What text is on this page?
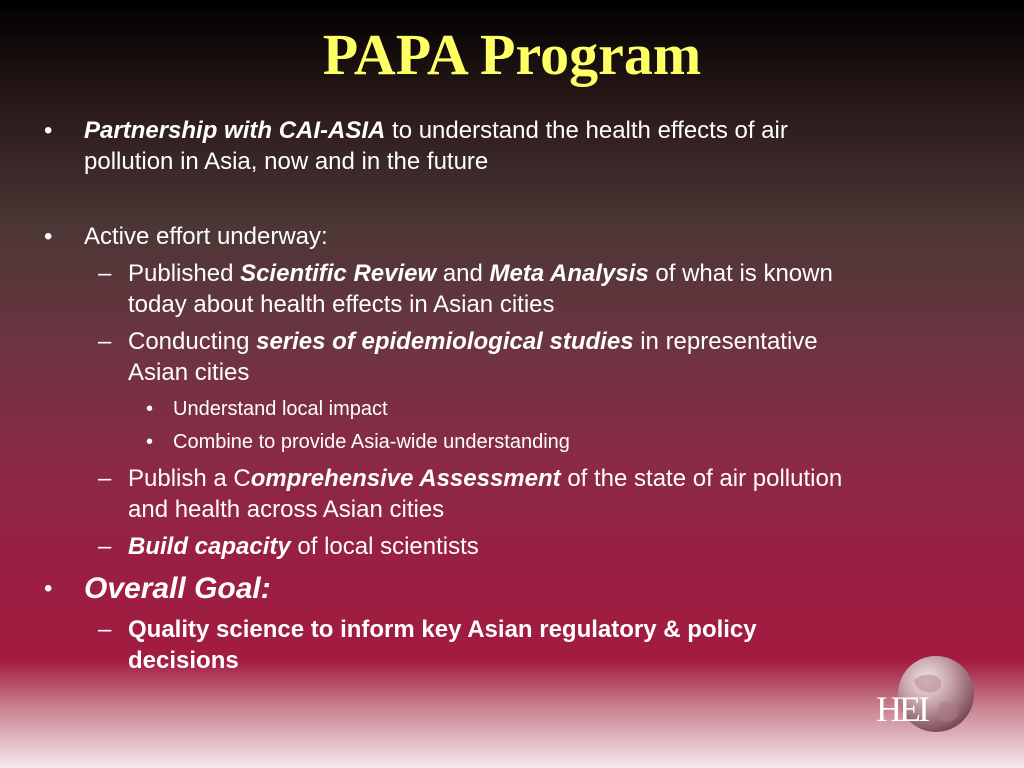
PAPA Program
•	Partnership with CAI-ASIA to understand the health effects of air
pollution in Asia, now and in the future
•	Active effort underway:
– Published Scientific Review and Meta Analysis of what is known
today about health effects in Asian cities
– Conducting series of epidemiological studies in representative
Asian cities
• Understand local impact
• Combine to provide Asia-wide understanding
– Publish a Comprehensive Assessment of the state of air pollution
and health across Asian cities
– Build capacity of local scientists
•	Overall Goal:
– Quality science to inform key Asian regulatory & policy
decisions
HEI
